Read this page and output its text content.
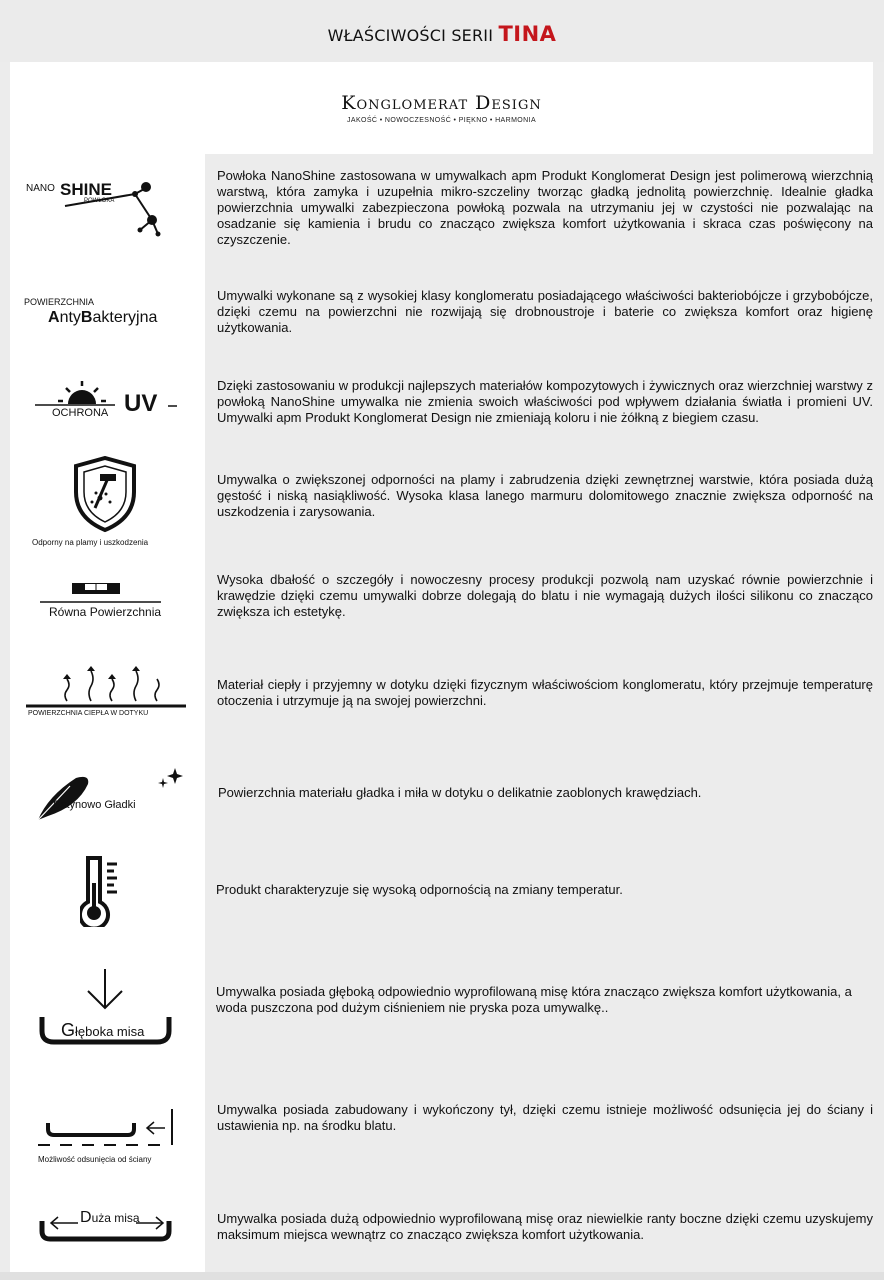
WŁAŚCIWOŚCI SERII TINA
Konglomerat Design
JAKOŚĆ • NOWOCZESNOŚĆ • PIĘKNO • HARMONIA
Powłoka NanoShine zastosowana w umywalkach apm Produkt Konglomerat Design jest polimerową wierzchnią warstwą, która zamyka i uzupełnia mikro-szczeliny tworząc gładką jednolitą powierzchnię. Idealnie gładka powierzchnia umywalki zabezpieczona powłoką pozwala na utrzymaniu jej w czystości nie pozwalając na osadzanie się kamienia i brudu co znacząco zwiększa komfort użytkowania i skraca czas poświęcony na czyszczenie.
NANO SHINE
POWŁOKA
Umywalki wykonane są z wysokiej klasy konglomeratu posiadającego właściwości bakteriobójcze i grzybobójcze, dzięki czemu na powierzchni nie rozwijają się drobnoustroje i baterie co zwiększa komfort oraz higienę użytkowania.
POWIERZCHNIA
AntyBakteryjna
Dzięki zastosowaniu w produkcji najlepszych materiałów kompozytowych i żywicznych oraz wierzchniej warstwy z powłoką NanoShine umywalka nie zmienia swoich właściwości pod wpływem działania światła i promieni UV. Umywalki apm Produkt Konglomerat Design nie zmieniają koloru i nie żółkną z biegiem czasu.
OCHRONA UV
Umywalka o zwiększonej odporności na plamy i zabrudzenia dzięki zewnętrznej warstwie, która posiada dużą gęstość i niską nasiąkliwość. Wysoka klasa lanego marmuru dolomitowego znacznie zwiększa odporność na uszkodzenia i zarysowania.
Odporny na plamy i uszkodzenia
Wysoka dbałość o szczegóły i nowoczesny procesy produkcji pozwolą nam uzyskać równie powierzchnie i krawędzie dzięki czemu umywalki dobrze dolegają do blatu i nie wymagają dużych ilości silikonu co znacząco zwiększa ich estetykę.
Równa Powierzchnia
Materiał ciepły i przyjemny w dotyku dzięki fizycznym właściwościom konglomeratu, który przejmuje temperaturę otoczenia i utrzymuje ją na swojej powierzchni.
POWIERZCHNIA CIEPŁA W DOTYKU
Powierzchnia materiału gładka i miła w dotyku o delikatnie zaoblonych krawędziach.
Satynowo Gładki
Produkt charakteryzuje się wysoką odpornością na zmiany temperatur.
Umywalka posiada głęboką odpowiednio wyprofilowaną misę która znacząco zwiększa komfort użytkowania, a woda puszczona pod dużym ciśnieniem nie pryska poza umywalkę..
Głęboka misa
Umywalka posiada zabudowany i wykończony tył, dzięki czemu istnieje możliwość odsunięcia jej do ściany i ustawienia np. na środku blatu.
Możliwość odsunięcia od ściany
Umywalka posiada dużą odpowiednio wyprofilowaną misę oraz niewielkie ranty boczne dzięki czemu uzyskujemy maksimum miejsca wewnątrz co znacząco zwiększa komfort użytkowania.
Duża misa
